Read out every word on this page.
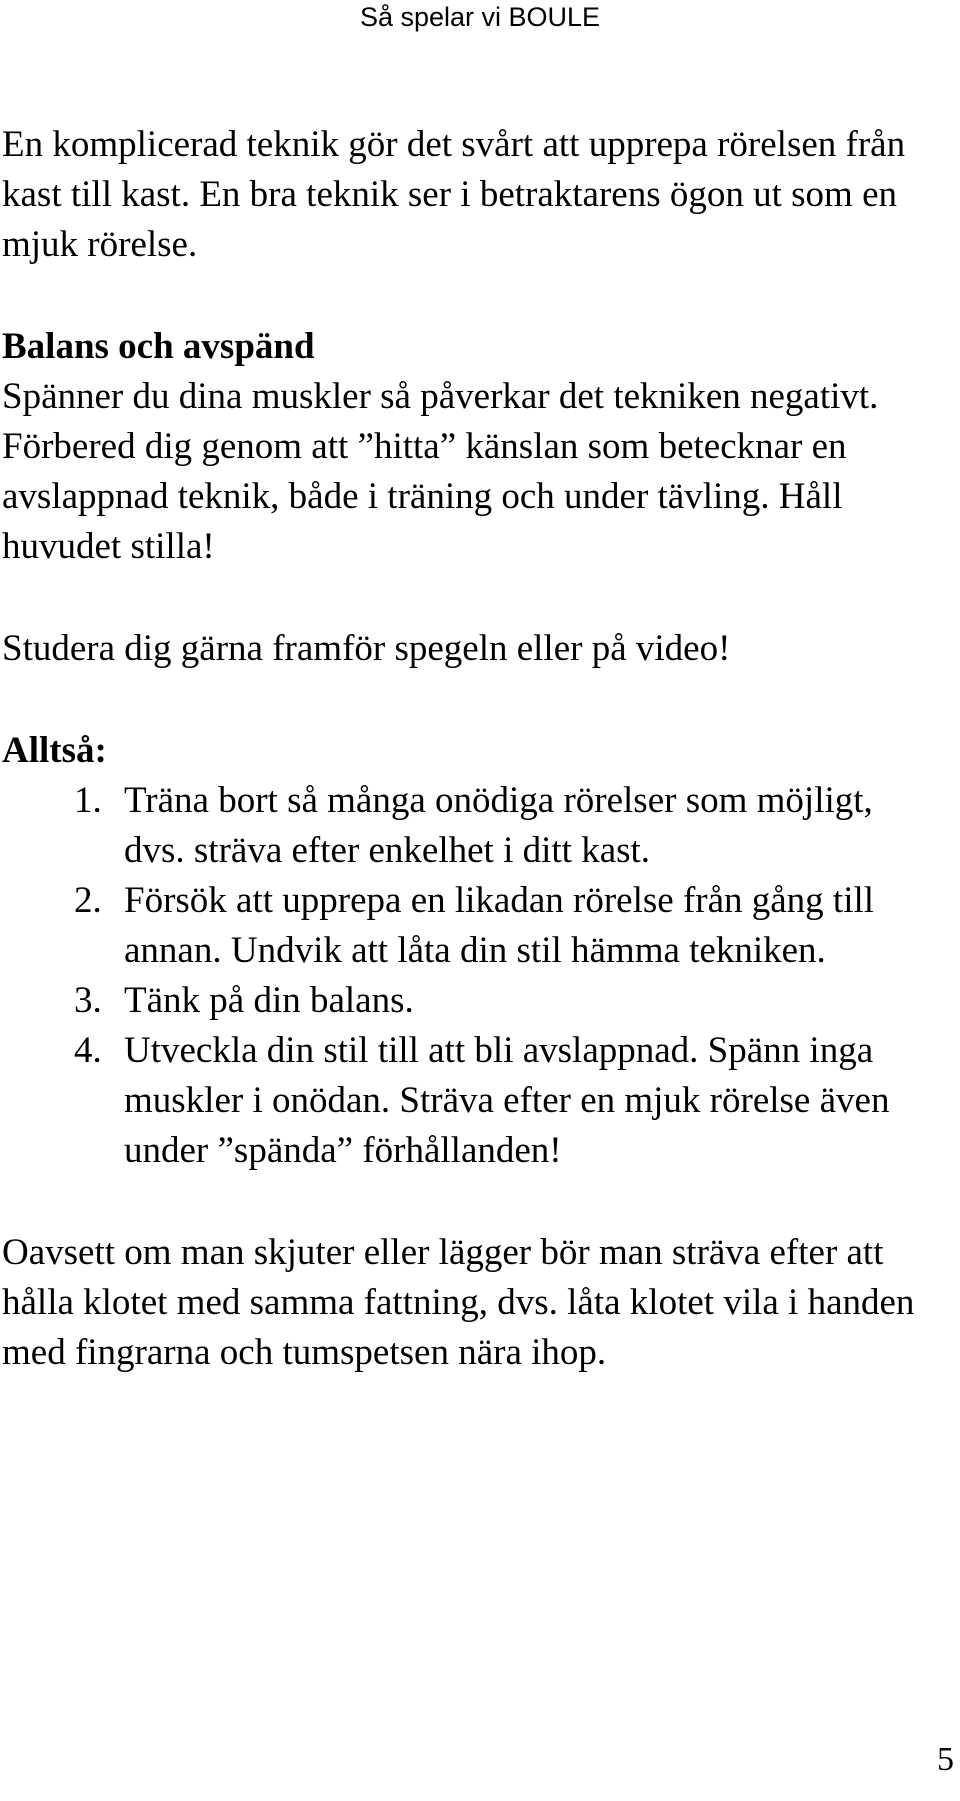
Så spelar vi BOULE

En komplicerad teknik gör det svårt att upprepa rörelsen från kast till kast. En bra teknik ser i betraktarens ögon ut som en mjuk rörelse.

Balans och avspänd

Spänner du dina muskler så påverkar det tekniken negativt. Förbered dig genom att ”hitta” känslan som betecknar en avslappnad teknik, både i träning och under tävling. Håll huvudet stilla!

Studera dig gärna framför spegeln eller på video!

Alltså:

1. Träna bort så många onödiga rörelser som möjligt, dvs. sträva efter enkelhet i ditt kast.
2. Försök att upprepa en likadan rörelse från gång till annan. Undvik att låta din stil hämma tekniken.
3. Tänk på din balans.
4. Utveckla din stil till att bli avslappnad. Spänn inga muskler i onödan. Sträva efter en mjuk rörelse även under ”spända” förhållanden!

Oavsett om man skjuter eller lägger bör man sträva efter att hålla klotet med samma fattning, dvs. låta klotet vila i handen med fingrarna och tumspetsen nära ihop.

5
